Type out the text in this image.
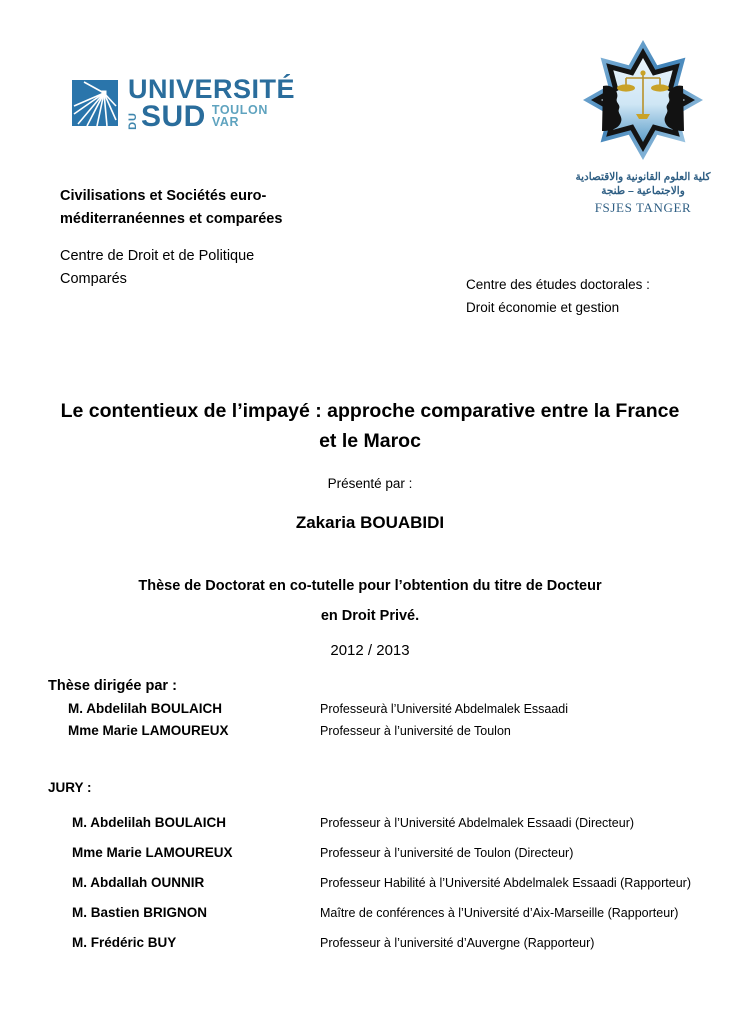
UNIVERSITÉ
DU SUD TOULON
VAR
كلية العلوم القانونية والاقتصادية
والاجتماعية – طنجة
FSJES TANGER
Civilisations et Sociétés euro-méditerranéennes et comparées
Centre de Droit et de Politique Comparés	Centre des études doctorales :
Droit économie et gestion
Le contentieux de l’impayé : approche comparative entre la France et le Maroc
Présenté par :
Zakaria BOUABIDI
Thèse de Doctorat en co-tutelle pour l’obtention du titre de Docteur
en Droit Privé.
2012 / 2013
Thèse dirigée par :
M. Abdelilah BOULAICH	Professeurà l’Université Abdelmalek Essaadi
Mme Marie LAMOUREUX	Professeur à l’université de Toulon
JURY :
M. Abdelilah BOULAICH	Professeur à l’Université Abdelmalek Essaadi (Directeur)
Mme Marie LAMOUREUX	Professeur à l’université de Toulon (Directeur)
M. Abdallah OUNNIR	Professeur Habilité à l’Université Abdelmalek Essaadi (Rapporteur)
M. Bastien BRIGNON	Maître de conférences à l’Université d’Aix-Marseille (Rapporteur)
M. Frédéric BUY	Professeur à l’université d’Auvergne (Rapporteur)
